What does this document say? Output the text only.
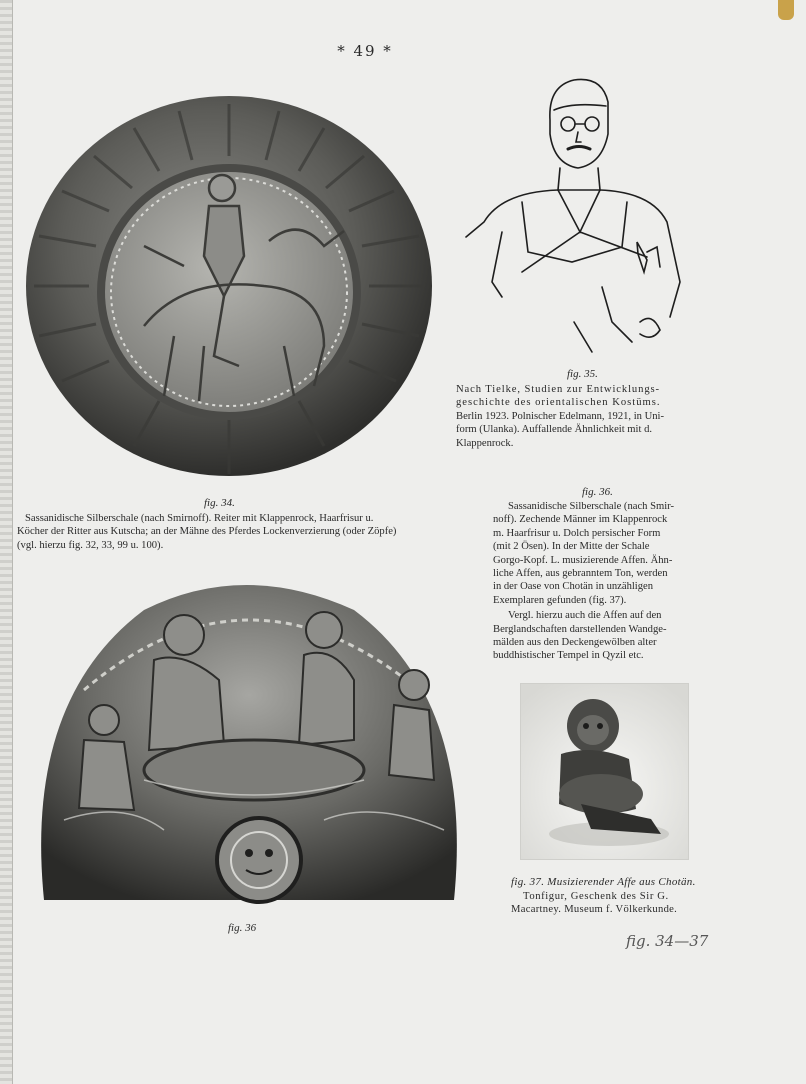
* 49 *
fig. 34.
Sassanidische Silberschale (nach Smirnoff). Reiter mit Klappenrock, Haarfrisur u.
Köcher der Ritter aus Kutscha; an der Mähne des Pferdes Lockenverzierung (oder Zöpfe)
(vgl. hierzu fig. 32, 33, 99 u. 100).
fig. 35.
Nach Tielke, Studien zur Entwicklungs-
geschichte des orientalischen Kostüms.
Berlin 1923. Polnischer Edelmann, 1921, in Uni-
form (Ulanka). Auffallende Ähnlichkeit mit d.
Klappenrock.
fig. 36.
Sassanidische Silberschale (nach Smir-
noff). Zechende Männer im Klappenrock
m. Haarfrisur u. Dolch persischer Form
(mit 2 Ösen). In der Mitte der Schale
Gorgo-Kopf. L. musizierende Affen. Ähn-
liche Affen, aus gebranntem Ton, werden
in der Oase von Chotän in unzähligen
Exemplaren gefunden (fig. 37).
Vergl. hierzu auch die Affen auf den
Berglandschaften darstellenden Wandge-
mälden aus den Deckengewölben alter
buddhistischer Tempel in Qyzil etc.
fig. 36
fig. 37. Musizierender Affe aus Chotän.
Tonfigur, Geschenk des Sir G.
Macartney. Museum f. Völkerkunde.
fig. 34—37
